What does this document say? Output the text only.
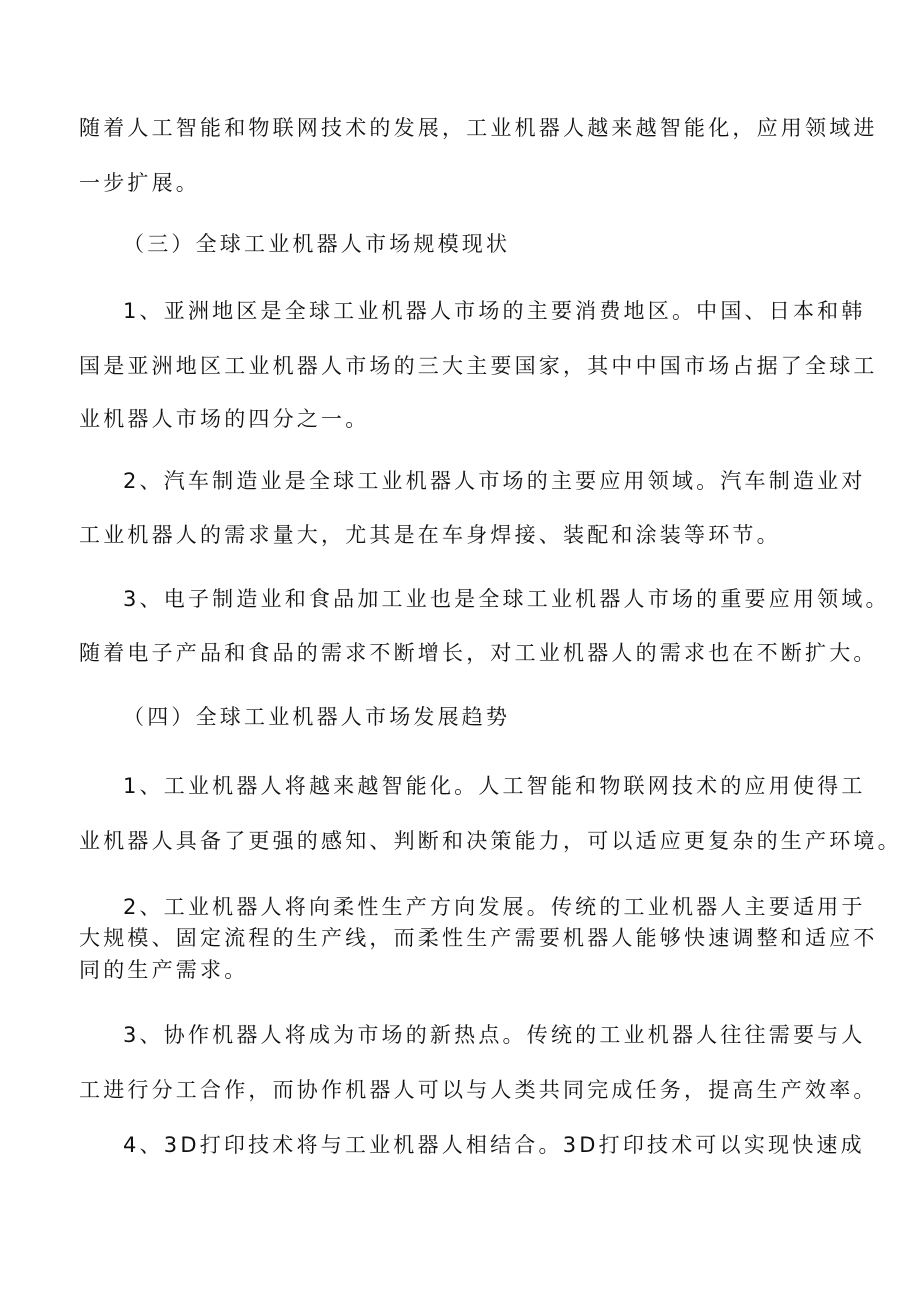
随着人工智能和物联网技术的发展，工业机器人越来越智能化，应用领域进
一步扩展。
（三）全球工业机器人市场规模现状
1、亚洲地区是全球工业机器人市场的主要消费地区。中国、日本和韩
国是亚洲地区工业机器人市场的三大主要国家，其中中国市场占据了全球工
业机器人市场的四分之一。
2、汽车制造业是全球工业机器人市场的主要应用领域。汽车制造业对
工业机器人的需求量大，尤其是在车身焊接、装配和涂装等环节。
3、电子制造业和食品加工业也是全球工业机器人市场的重要应用领域。
随着电子产品和食品的需求不断增长，对工业机器人的需求也在不断扩大。
（四）全球工业机器人市场发展趋势
1、工业机器人将越来越智能化。人工智能和物联网技术的应用使得工
业机器人具备了更强的感知、判断和决策能力，可以适应更复杂的生产环境。
2、工业机器人将向柔性生产方向发展。传统的工业机器人主要适用于
大规模、固定流程的生产线，而柔性生产需要机器人能够快速调整和适应不
同的生产需求。
3、协作机器人将成为市场的新热点。传统的工业机器人往往需要与人
工进行分工合作，而协作机器人可以与人类共同完成任务，提高生产效率。
4、3D打印技术将与工业机器人相结合。3D打印技术可以实现快速成
